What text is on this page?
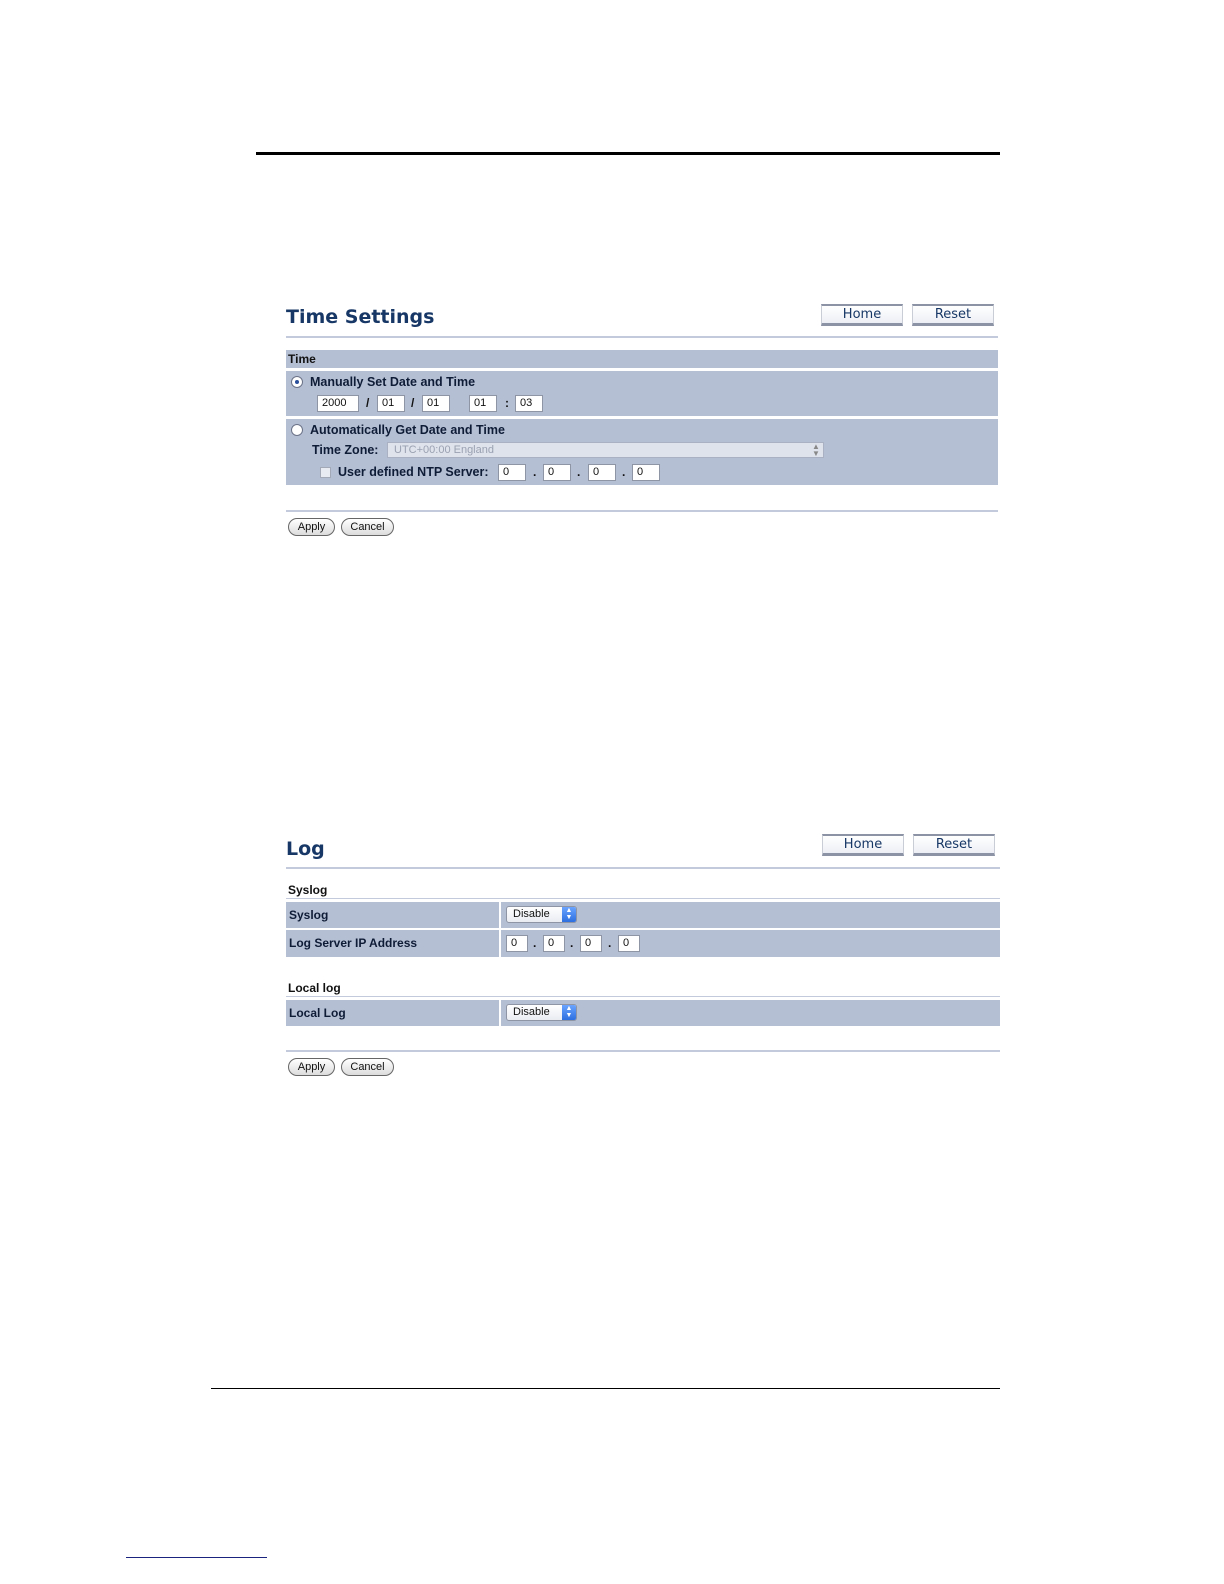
Time Settings	Home	Reset
Time
Manually Set Date and Time
2000	/	01	/	01	01	:	03
Automatically Get Date and Time
Time Zone:	UTC+00:00 England	▲
▼
User defined NTP Server:	0	.	0	.	0	.	0
Apply	Cancel
Log	Home	Reset
Syslog
Syslog	Disable	▲
▼
Log Server IP Address	0	.	0	.	0	.	0
Local log
Local Log	Disable	▲
▼
Apply	Cancel
